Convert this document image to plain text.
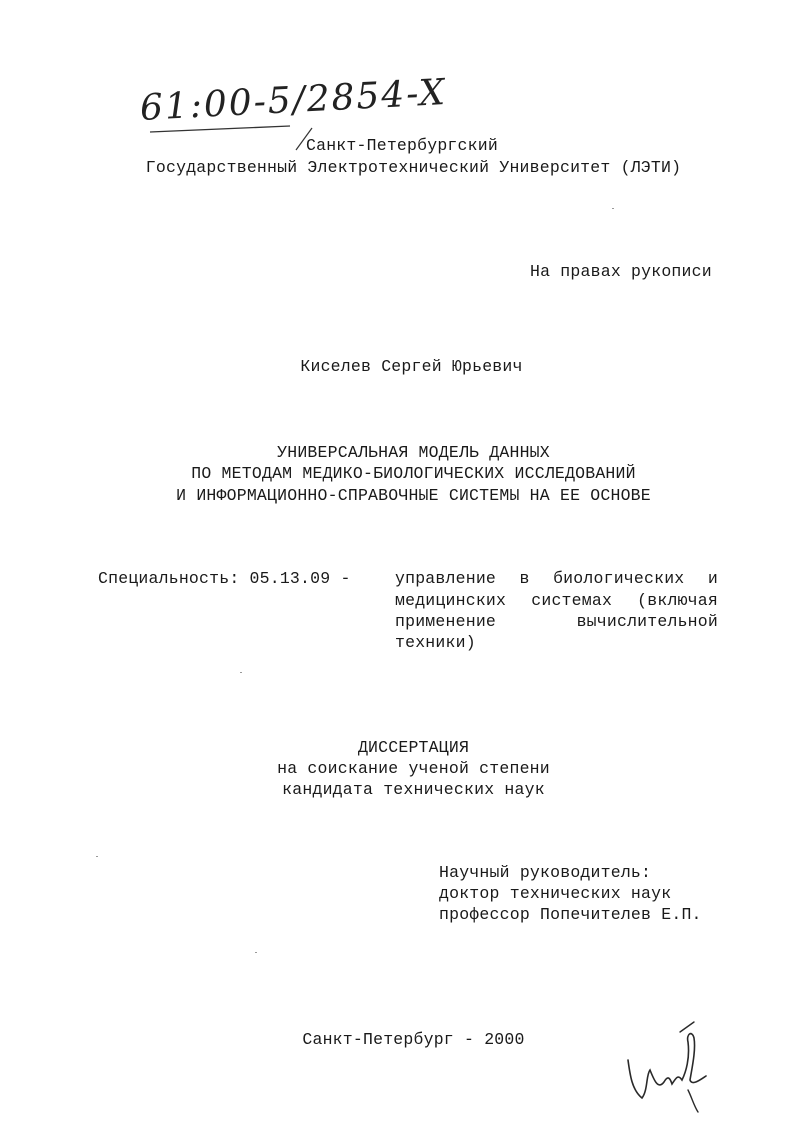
61:00-5/2854-X
Санкт-Петербургский
Государственный Электротехнический Университет (ЛЭТИ)
На правах рукописи
Киселев Сергей Юрьевич
УНИВЕРСАЛЬНАЯ МОДЕЛЬ ДАННЫХ
ПО МЕТОДАМ МЕДИКО-БИОЛОГИЧЕСКИХ ИССЛЕДОВАНИЙ
И ИНФОРМАЦИОННО-СПРАВОЧНЫЕ СИСТЕМЫ НА ЕЕ ОСНОВЕ
Специальность: 05.13.09 -	управление в биологических и
медицинских системах (включая
применение	вычислительной
техники)
ДИССЕРТАЦИЯ
на соискание ученой степени
кандидата технических наук
Научный руководитель:
доктор технических наук
профессор Попечителев Е.П.
Санкт-Петербург - 2000
